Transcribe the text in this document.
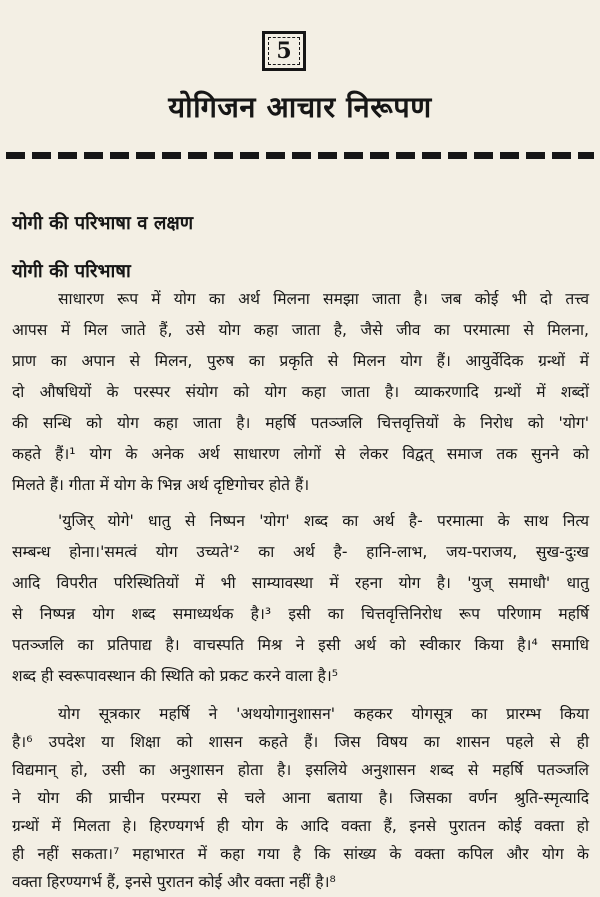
5
योगिजन आचार निरूपण
योगी की परिभाषा व लक्षण
योगी की परिभाषा
साधारण रूप में योग का अर्थ मिलना समझा जाता है। जब कोई भी दो तत्त्व
आपस में मिल जाते हैं, उसे योग कहा जाता है, जैसे जीव का परमात्मा से मिलना,
प्राण का अपान से मिलन, पुरुष का प्रकृति से मिलन योग हैं। आयुर्वेदिक ग्रन्थों में
दो औषधियों के परस्पर संयोग को योग कहा जाता है। व्याकरणादि ग्रन्थों में शब्दों
की सन्धि को योग कहा जाता है। महर्षि पतञ्जलि चित्तवृत्तियों के निरोध को 'योग'
कहते हैं।¹ योग के अनेक अर्थ साधारण लोगों से लेकर विद्वत् समाज तक सुनने को
मिलते हैं। गीता में योग के भिन्न अर्थ दृष्टिगोचर होते हैं।
'युजिर् योगे' धातु से निष्पन 'योग' शब्द का अर्थ है- परमात्मा के साथ नित्य
सम्बन्ध होना।'समत्वं योग उच्यते'² का अर्थ है- हानि-लाभ, जय-पराजय, सुख-दुःख
आदि विपरीत परिस्थितियों में भी साम्यावस्था में रहना योग है। 'युज् समाधौ' धातु
से निष्पन्न योग शब्द समाध्यर्थक है।³ इसी का चित्तवृत्तिनिरोध रूप परिणाम महर्षि
पतञ्जलि का प्रतिपाद्य है। वाचस्पति मिश्र ने इसी अर्थ को स्वीकार किया है।⁴ समाधि
शब्द ही स्वरूपावस्थान की स्थिति को प्रकट करने वाला है।⁵
योग सूत्रकार महर्षि ने 'अथयोगानुशासन' कहकर योगसूत्र का प्रारम्भ किया
है।⁶ उपदेश या शिक्षा को शासन कहते हैं। जिस विषय का शासन पहले से ही
विद्यमान् हो, उसी का अनुशासन होता है। इसलिये अनुशासन शब्द से महर्षि पतञ्जलि
ने योग की प्राचीन परम्परा से चले आना बताया है। जिसका वर्णन श्रुति-स्मृत्यादि
ग्रन्थों में मिलता हे। हिरण्यगर्भ ही योग के आदि वक्ता हैं, इनसे पुरातन कोई वक्ता हो
ही नहीं सकता।⁷ महाभारत में कहा गया है कि सांख्य के वक्ता कपिल और योग के
वक्ता हिरण्यगर्भ हैं, इनसे पुरातन कोई और वक्ता नहीं है।⁸
